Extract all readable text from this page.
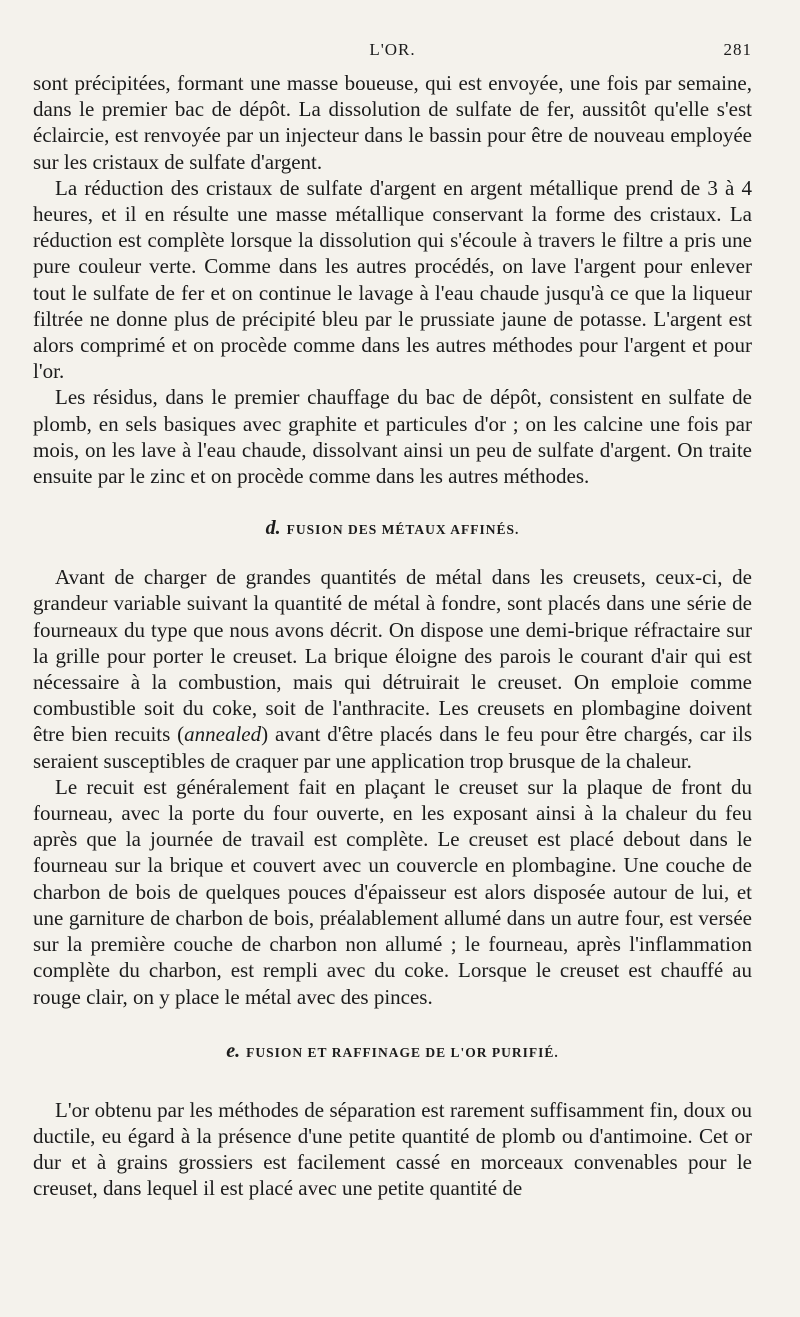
L'OR.	281

sont précipitées, formant une masse boueuse, qui est envoyée, une fois par semaine, dans le premier bac de dépôt. La dissolution de sulfate de fer, aussitôt qu'elle s'est éclaircie, est renvoyée par un injecteur dans le bassin pour être de nouveau employée sur les cristaux de sulfate d'argent.

La réduction des cristaux de sulfate d'argent en argent métallique prend de 3 à 4 heures, et il en résulte une masse métallique conservant la forme des cristaux. La réduction est complète lorsque la dissolution qui s'écoule à travers le filtre a pris une pure couleur verte. Comme dans les autres procédés, on lave l'argent pour enlever tout le sulfate de fer et on continue le lavage à l'eau chaude jusqu'à ce que la liqueur filtrée ne donne plus de précipité bleu par le prussiate jaune de potasse. L'argent est alors comprimé et on procède comme dans les autres méthodes pour l'argent et pour l'or.

Les résidus, dans le premier chauffage du bac de dépôt, consistent en sulfate de plomb, en sels basiques avec graphite et particules d'or ; on les calcine une fois par mois, on les lave à l'eau chaude, dissolvant ainsi un peu de sulfate d'argent. On traite ensuite par le zinc et on procède comme dans les autres méthodes.

d. FUSION DES MÉTAUX AFFINÉS.

Avant de charger de grandes quantités de métal dans les creusets, ceux-ci, de grandeur variable suivant la quantité de métal à fondre, sont placés dans une série de fourneaux du type que nous avons décrit. On dispose une demi-brique réfractaire sur la grille pour porter le creuset. La brique éloigne des parois le courant d'air qui est nécessaire à la combustion, mais qui détruirait le creuset. On emploie comme combustible soit du coke, soit de l'anthracite. Les creusets en plombagine doivent être bien recuits (annealed) avant d'être placés dans le feu pour être chargés, car ils seraient susceptibles de craquer par une application trop brusque de la chaleur.

Le recuit est généralement fait en plaçant le creuset sur la plaque de front du fourneau, avec la porte du four ouverte, en les exposant ainsi à la chaleur du feu après que la journée de travail est complète. Le creuset est placé debout dans le fourneau sur la brique et couvert avec un couvercle en plombagine. Une couche de charbon de bois de quelques pouces d'épaisseur est alors disposée autour de lui, et une garniture de charbon de bois, préalablement allumé dans un autre four, est versée sur la première couche de charbon non allumé ; le fourneau, après l'inflammation complète du charbon, est rempli avec du coke. Lorsque le creuset est chauffé au rouge clair, on y place le métal avec des pinces.

e. FUSION ET RAFFINAGE DE L'OR PURIFIÉ.

L'or obtenu par les méthodes de séparation est rarement suffisamment fin, doux ou ductile, eu égard à la présence d'une petite quantité de plomb ou d'antimoine. Cet or dur et à grains grossiers est facilement cassé en morceaux convenables pour le creuset, dans lequel il est placé avec une petite quantité de
